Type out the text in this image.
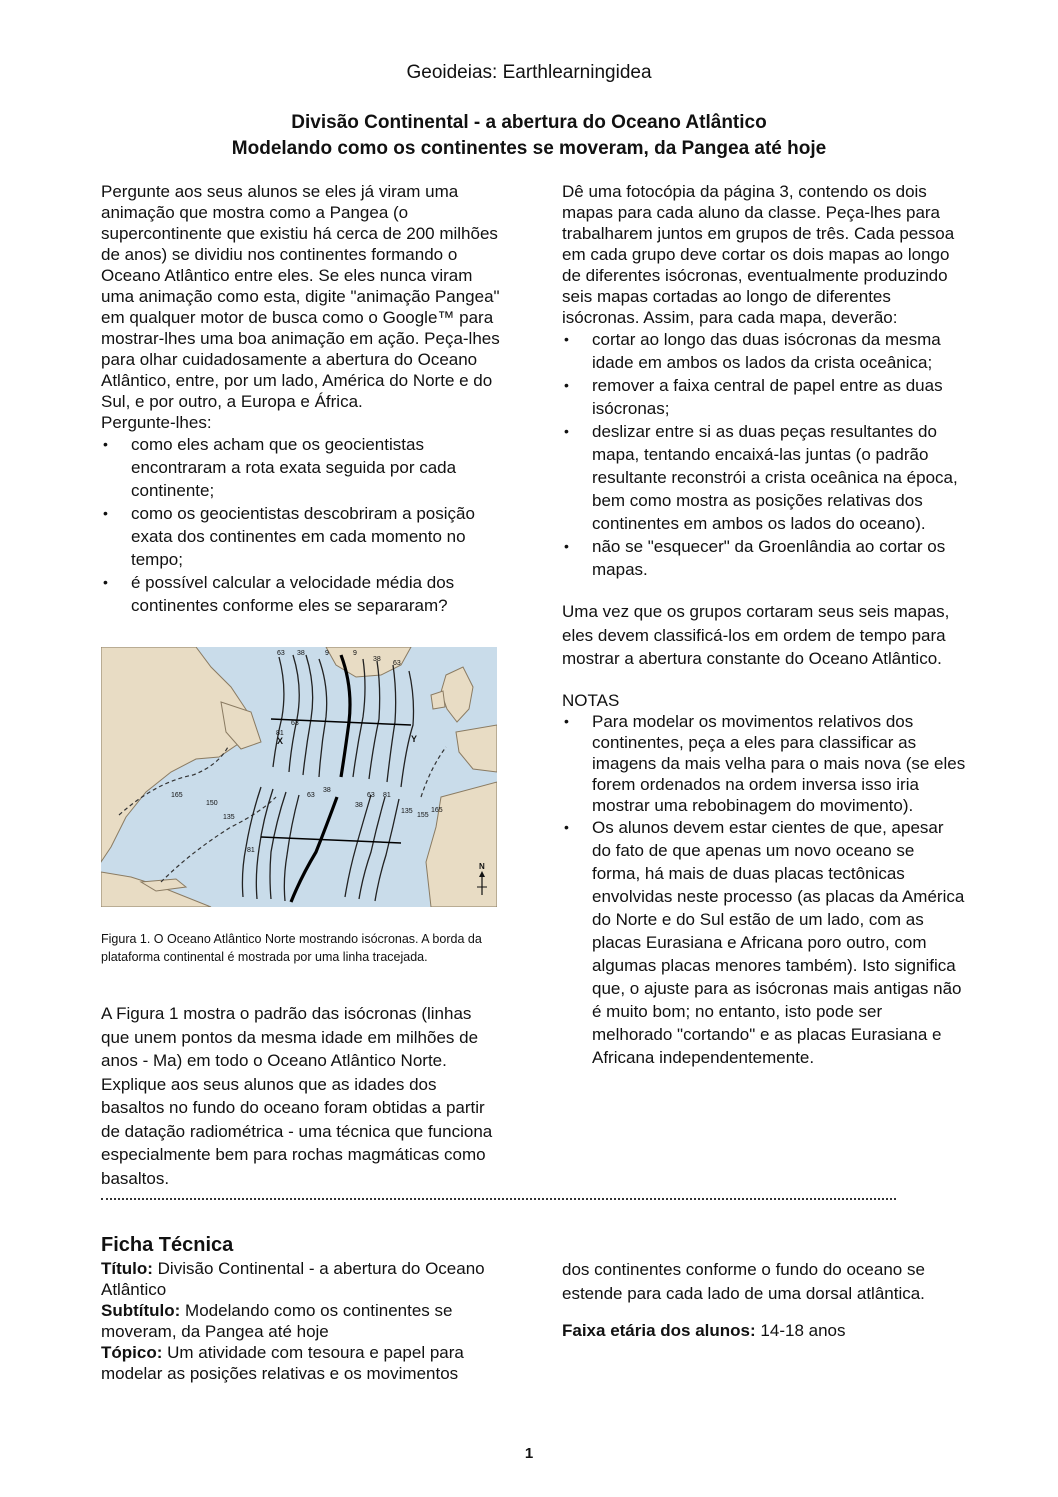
Geoideias: Earthlearningidea
Divisão Continental - a abertura do Oceano Atlântico
Modelando como os continentes se moveram, da Pangea até hoje

Pergunte aos seus alunos se eles já viram uma animação que mostra como a Pangea (o supercontinente que existiu há cerca de 200 milhões de anos) se dividiu nos continentes formando o Oceano Atlântico entre eles. Se eles nunca viram uma animação como esta, digite "animação Pangea" em qualquer motor de busca como o Google™ para mostrar-lhes uma boa animação em ação. Peça-lhes para olhar cuidadosamente a abertura do Oceano Atlântico, entre, por um lado, América do Norte e do Sul, e por outro, a Europa e África.

Pergunte-lhes:

• como eles acham que os geocientistas encontraram a rota exata seguida por cada continente;
• como os geocientistas descobriram a posição exata dos continentes em cada momento no tempo;
• é possível calcular a velocidade média dos continentes conforme eles se separaram?
63 38	9	9
38
63
81
63
165
150
135
81
63
38
38
63 81
135
155
165
X	Y
N
Figura 1. O Oceano Atlântico Norte mostrando isócronas. A borda da plataforma continental é mostrada por uma linha tracejada.

A Figura 1 mostra o padrão das isócronas (linhas que unem pontos da mesma idade em milhões de anos - Ma) em todo o Oceano Atlântico Norte. Explique aos seus alunos que as idades dos basaltos no fundo do oceano foram obtidas a partir de datação radiométrica - uma técnica que funciona especialmente bem para rochas magmáticas como basaltos.

Dê uma fotocópia da página 3, contendo os dois mapas para cada aluno da classe. Peça-lhes para trabalharem juntos em grupos de três. Cada pessoa em cada grupo deve cortar os dois mapas ao longo de diferentes isócronas, eventualmente produzindo seis mapas cortadas ao longo de diferentes isócronas. Assim, para cada mapa, deverão:

• cortar ao longo das duas isócronas da mesma idade em ambos os lados da crista oceânica;
• remover a faixa central de papel entre as duas isócronas;
• deslizar entre si as duas peças resultantes do mapa, tentando encaixá-las juntas (o padrão resultante reconstrói a crista oceânica na época, bem como mostra as posições relativas dos continentes em ambos os lados do oceano).
• não se "esquecer" da Groenlândia ao cortar os mapas.

Uma vez que os grupos cortaram seus seis mapas, eles devem classificá-los em ordem de tempo para mostrar a abertura constante do Oceano Atlântico.

NOTAS

• Para modelar os movimentos relativos dos continentes, peça a eles para classificar as imagens da mais velha para o mais nova (se eles forem ordenados na ordem inversa isso iria mostrar uma rebobinagem do movimento).
• Os alunos devem estar cientes de que, apesar do fato de que apenas um novo oceano se forma, há mais de duas placas tectônicas envolvidas neste processo (as placas da América do Norte e do Sul estão de um lado, com as placas Eurasiana e Africana poro outro, com algumas placas menores também). Isto significa que, o ajuste para as isócronas mais antigas não é muito bom; no entanto, isto pode ser melhorado "cortando" e as placas Eurasiana e Africana independentemente.
Ficha Técnica

Título: Divisão Continental - a abertura do Oceano Atlântico

Subtítulo: Modelando como os continentes se moveram, da Pangea até hoje

Tópico: Um atividade com tesoura e papel para modelar as posições relativas e os movimentos

dos continentes conforme o fundo do oceano se estende para cada lado de uma dorsal atlântica.

Faixa etária dos alunos: 14-18 anos

1
